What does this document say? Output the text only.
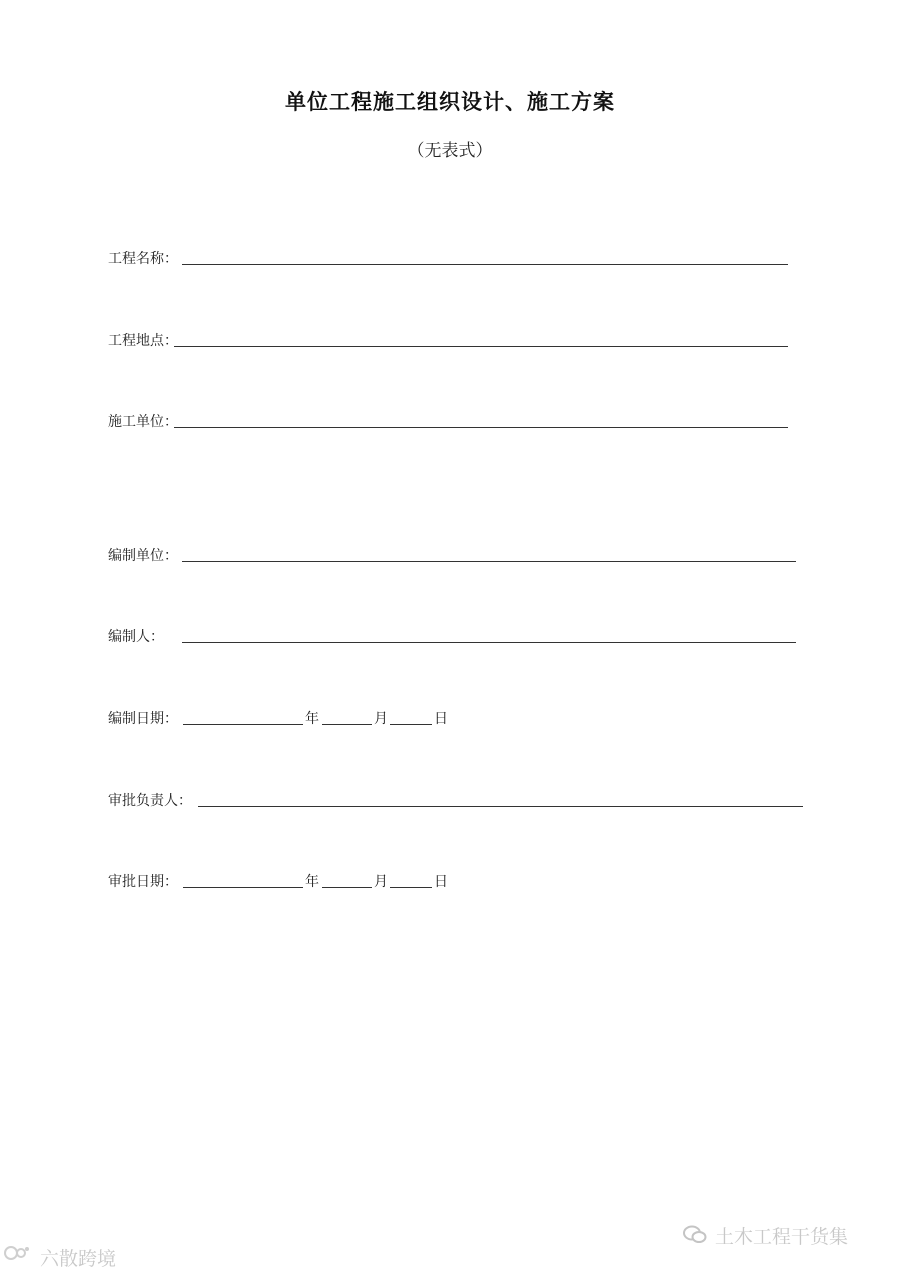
单位工程施工组织设计、施工方案
（无表式）
工程名称：
工程地点：
施工单位：
编制单位：
编制人：
编制日期：	年	月	日
审批负责人：
审批日期：	年	月	日
六散跨境
土木工程干货集
